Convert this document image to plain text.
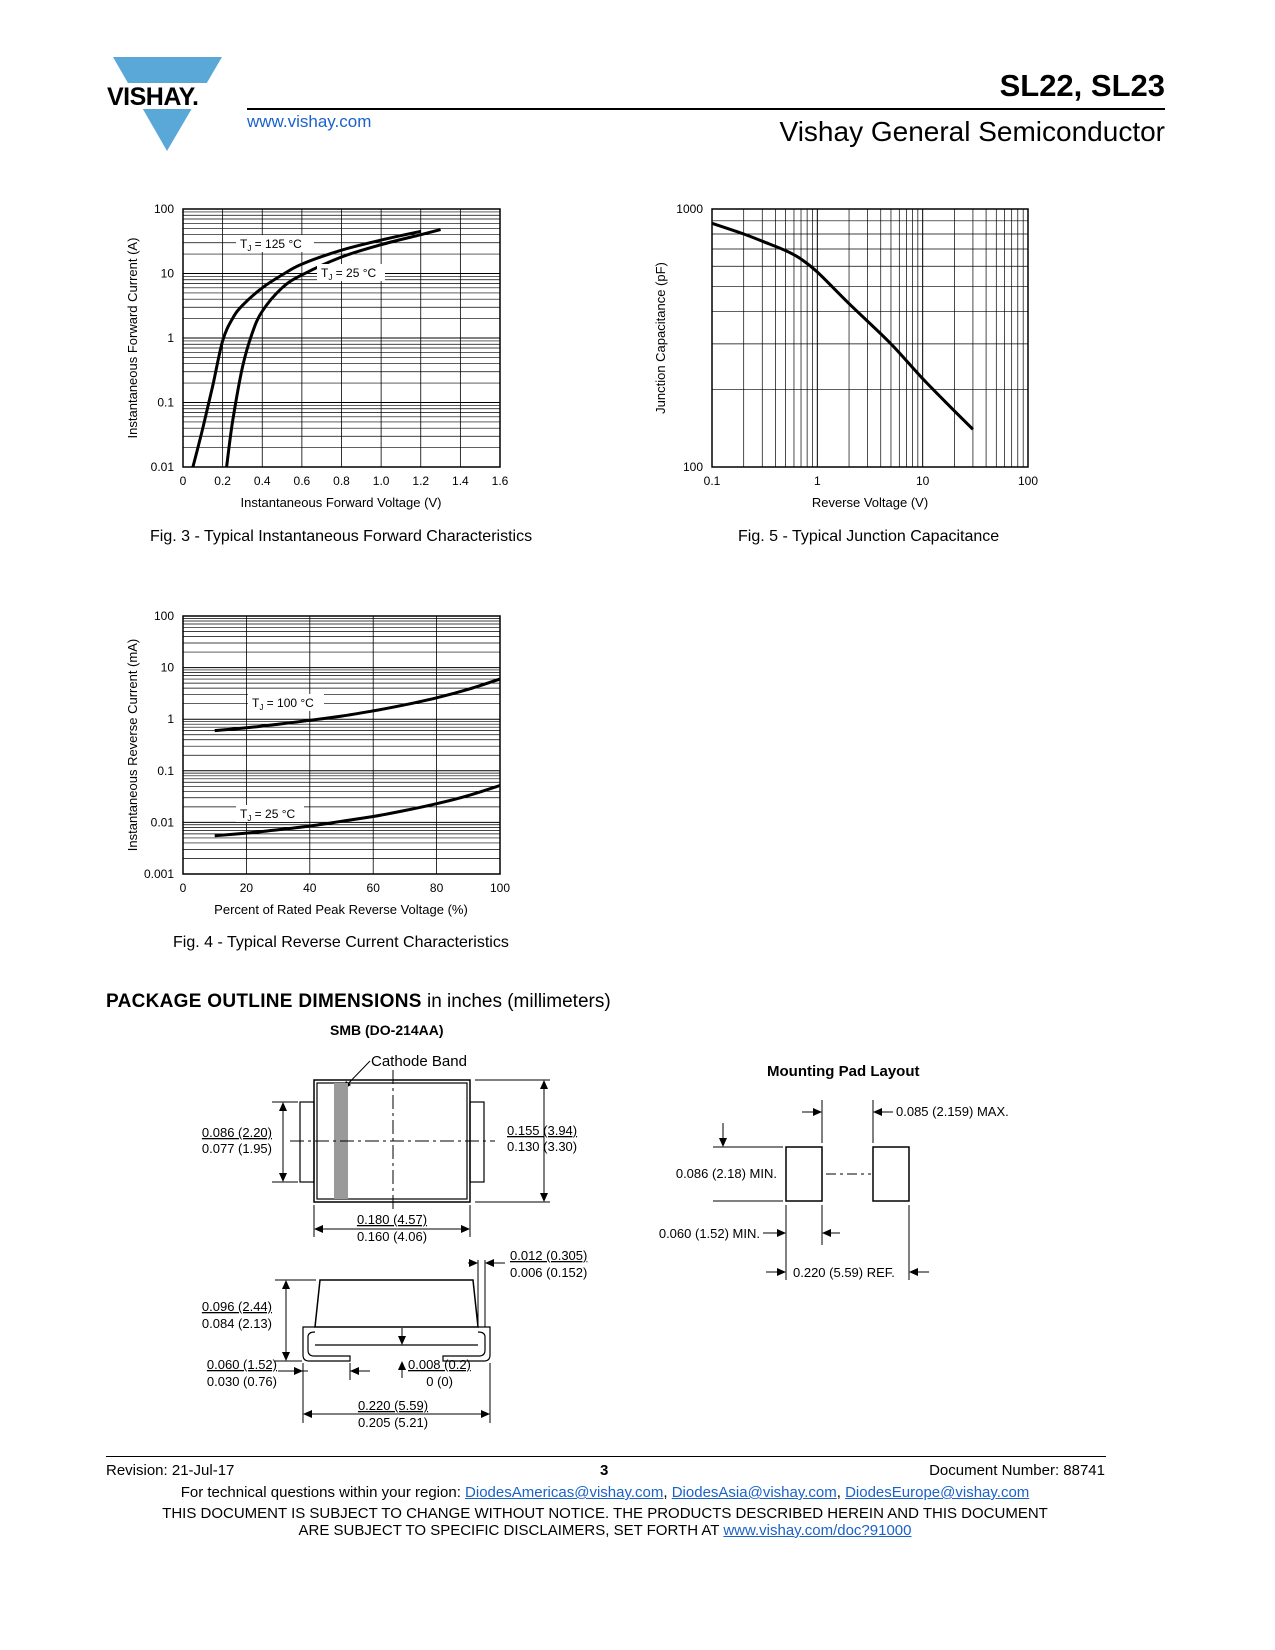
VISHAY.
www.vishay.com
SL22, SL23
Vishay General Semiconductor
0 0.2 0.4 0.6 0.8 1.0 1.2 1.4 1.6
0.01
0.1
1
10
100
$T_J = 125$ °C
$T_J = 25$ °C
Instantaneous Forward Voltage (V)
Instantaneous Forward Current (A)
Fig. 3 - Typical Instantaneous Forward Characteristics
0.1	1	10	100
100
1000
Reverse Voltage (V)
Junction Capacitance (pF)
Fig. 5 - Typical Junction Capacitance
0	20	40	60	80	100
0.001
0.01
0.1
1
10
100
$T_J = 100$ °C
$T_J = 25$ °C
Percent of Rated Peak Reverse Voltage (%)
Instantaneous Reverse Current (mA)
Fig. 4 - Typical Reverse Current Characteristics
PACKAGE OUTLINE DIMENSIONS in inches (millimeters)
SMB (DO-214AA)
Cathode Band
0.086 (2.20)
0.077 (1.95)
0.155 (3.94)
0.130 (3.30)
0.180 (4.57)
0.160 (4.06)
0.012 (0.305)
0.006 (0.152)
0.096 (2.44)
0.084 (2.13)
0.060 (1.52)
0.030 (0.76)
0.008 (0.2)
0 (0)
0.220 (5.59)
0.205 (5.21)
Mounting Pad Layout
0.085 (2.159) MAX.
0.086 (2.18) MIN.
0.060 (1.52) MIN.
0.220 (5.59) REF.
Revision: 21-Jul-17	3	Document Number: 88741
For technical questions within your region: DiodesAmericas@vishay.com, DiodesAsia@vishay.com, DiodesEurope@vishay.com
THIS DOCUMENT IS SUBJECT TO CHANGE WITHOUT NOTICE. THE PRODUCTS DESCRIBED HEREIN AND THIS DOCUMENT
ARE SUBJECT TO SPECIFIC DISCLAIMERS, SET FORTH AT www.vishay.com/doc?91000
